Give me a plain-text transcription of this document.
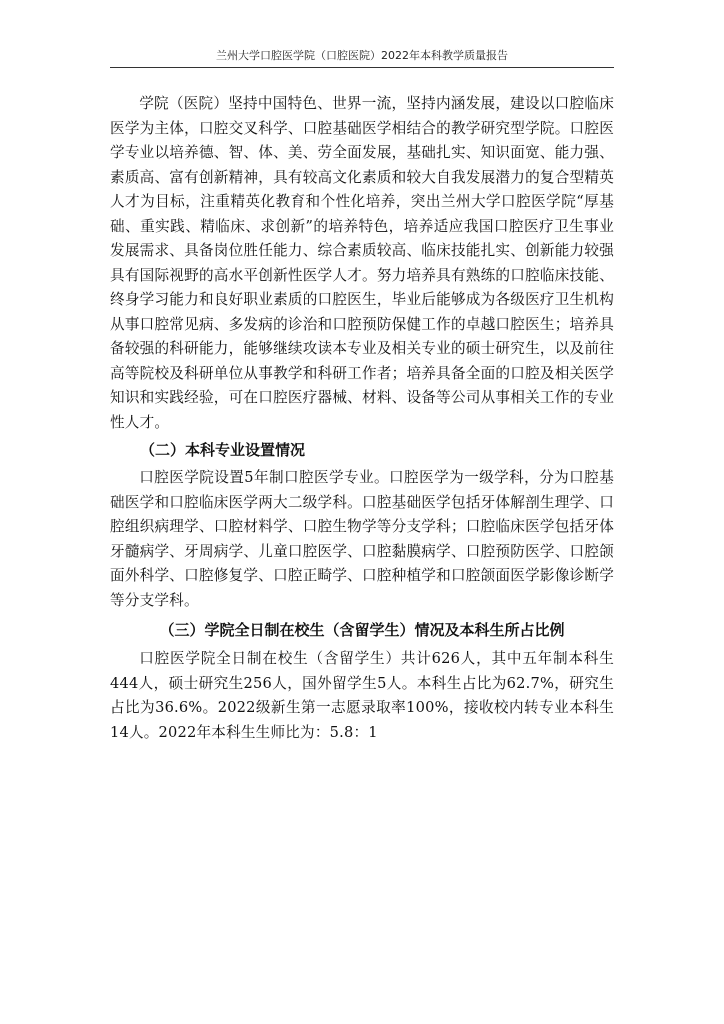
兰州大学口腔医学院（口腔医院）2022年本科教学质量报告

学院（医院）坚持中国特色、世界一流，坚持内涵发展，建设以口腔临床医学为主体，口腔交叉科学、口腔基础医学相结合的教学研究型学院。口腔医学专业以培养德、智、体、美、劳全面发展，基础扎实、知识面宽、能力强、素质高、富有创新精神，具有较高文化素质和较大自我发展潜力的复合型精英人才为目标，注重精英化教育和个性化培养，突出兰州大学口腔医学院“厚基础、重实践、精临床、求创新”的培养特色，培养适应我国口腔医疗卫生事业发展需求、具备岗位胜任能力、综合素质较高、临床技能扎实、创新能力较强具有国际视野的高水平创新性医学人才。努力培养具有熟练的口腔临床技能、终身学习能力和良好职业素质的口腔医生，毕业后能够成为各级医疗卫生机构从事口腔常见病、多发病的诊治和口腔预防保健工作的卓越口腔医生；培养具备较强的科研能力，能够继续攻读本专业及相关专业的硕士研究生，以及前往高等院校及科研单位从事教学和科研工作者；培养具备全面的口腔及相关医学知识和实践经验，可在口腔医疗器械、材料、设备等公司从事相关工作的专业性人才。

（二）本科专业设置情况

口腔医学院设置5年制口腔医学专业。口腔医学为一级学科，分为口腔基础医学和口腔临床医学两大二级学科。口腔基础医学包括牙体解剖生理学、口腔组织病理学、口腔材料学、口腔生物学等分支学科；口腔临床医学包括牙体牙髓病学、牙周病学、儿童口腔医学、口腔黏膜病学、口腔预防医学、口腔颌面外科学、口腔修复学、口腔正畸学、口腔种植学和口腔颌面医学影像诊断学等分支学科。

（三）学院全日制在校生（含留学生）情况及本科生所占比例

口腔医学院全日制在校生（含留学生）共计626人，其中五年制本科生444人，硕士研究生256人，国外留学生5人。本科生占比为62.7%，研究生占比为36.6%。2022级新生第一志愿录取率100%，接收校内转专业本科生14人。2022年本科生生师比为：5.8：1
